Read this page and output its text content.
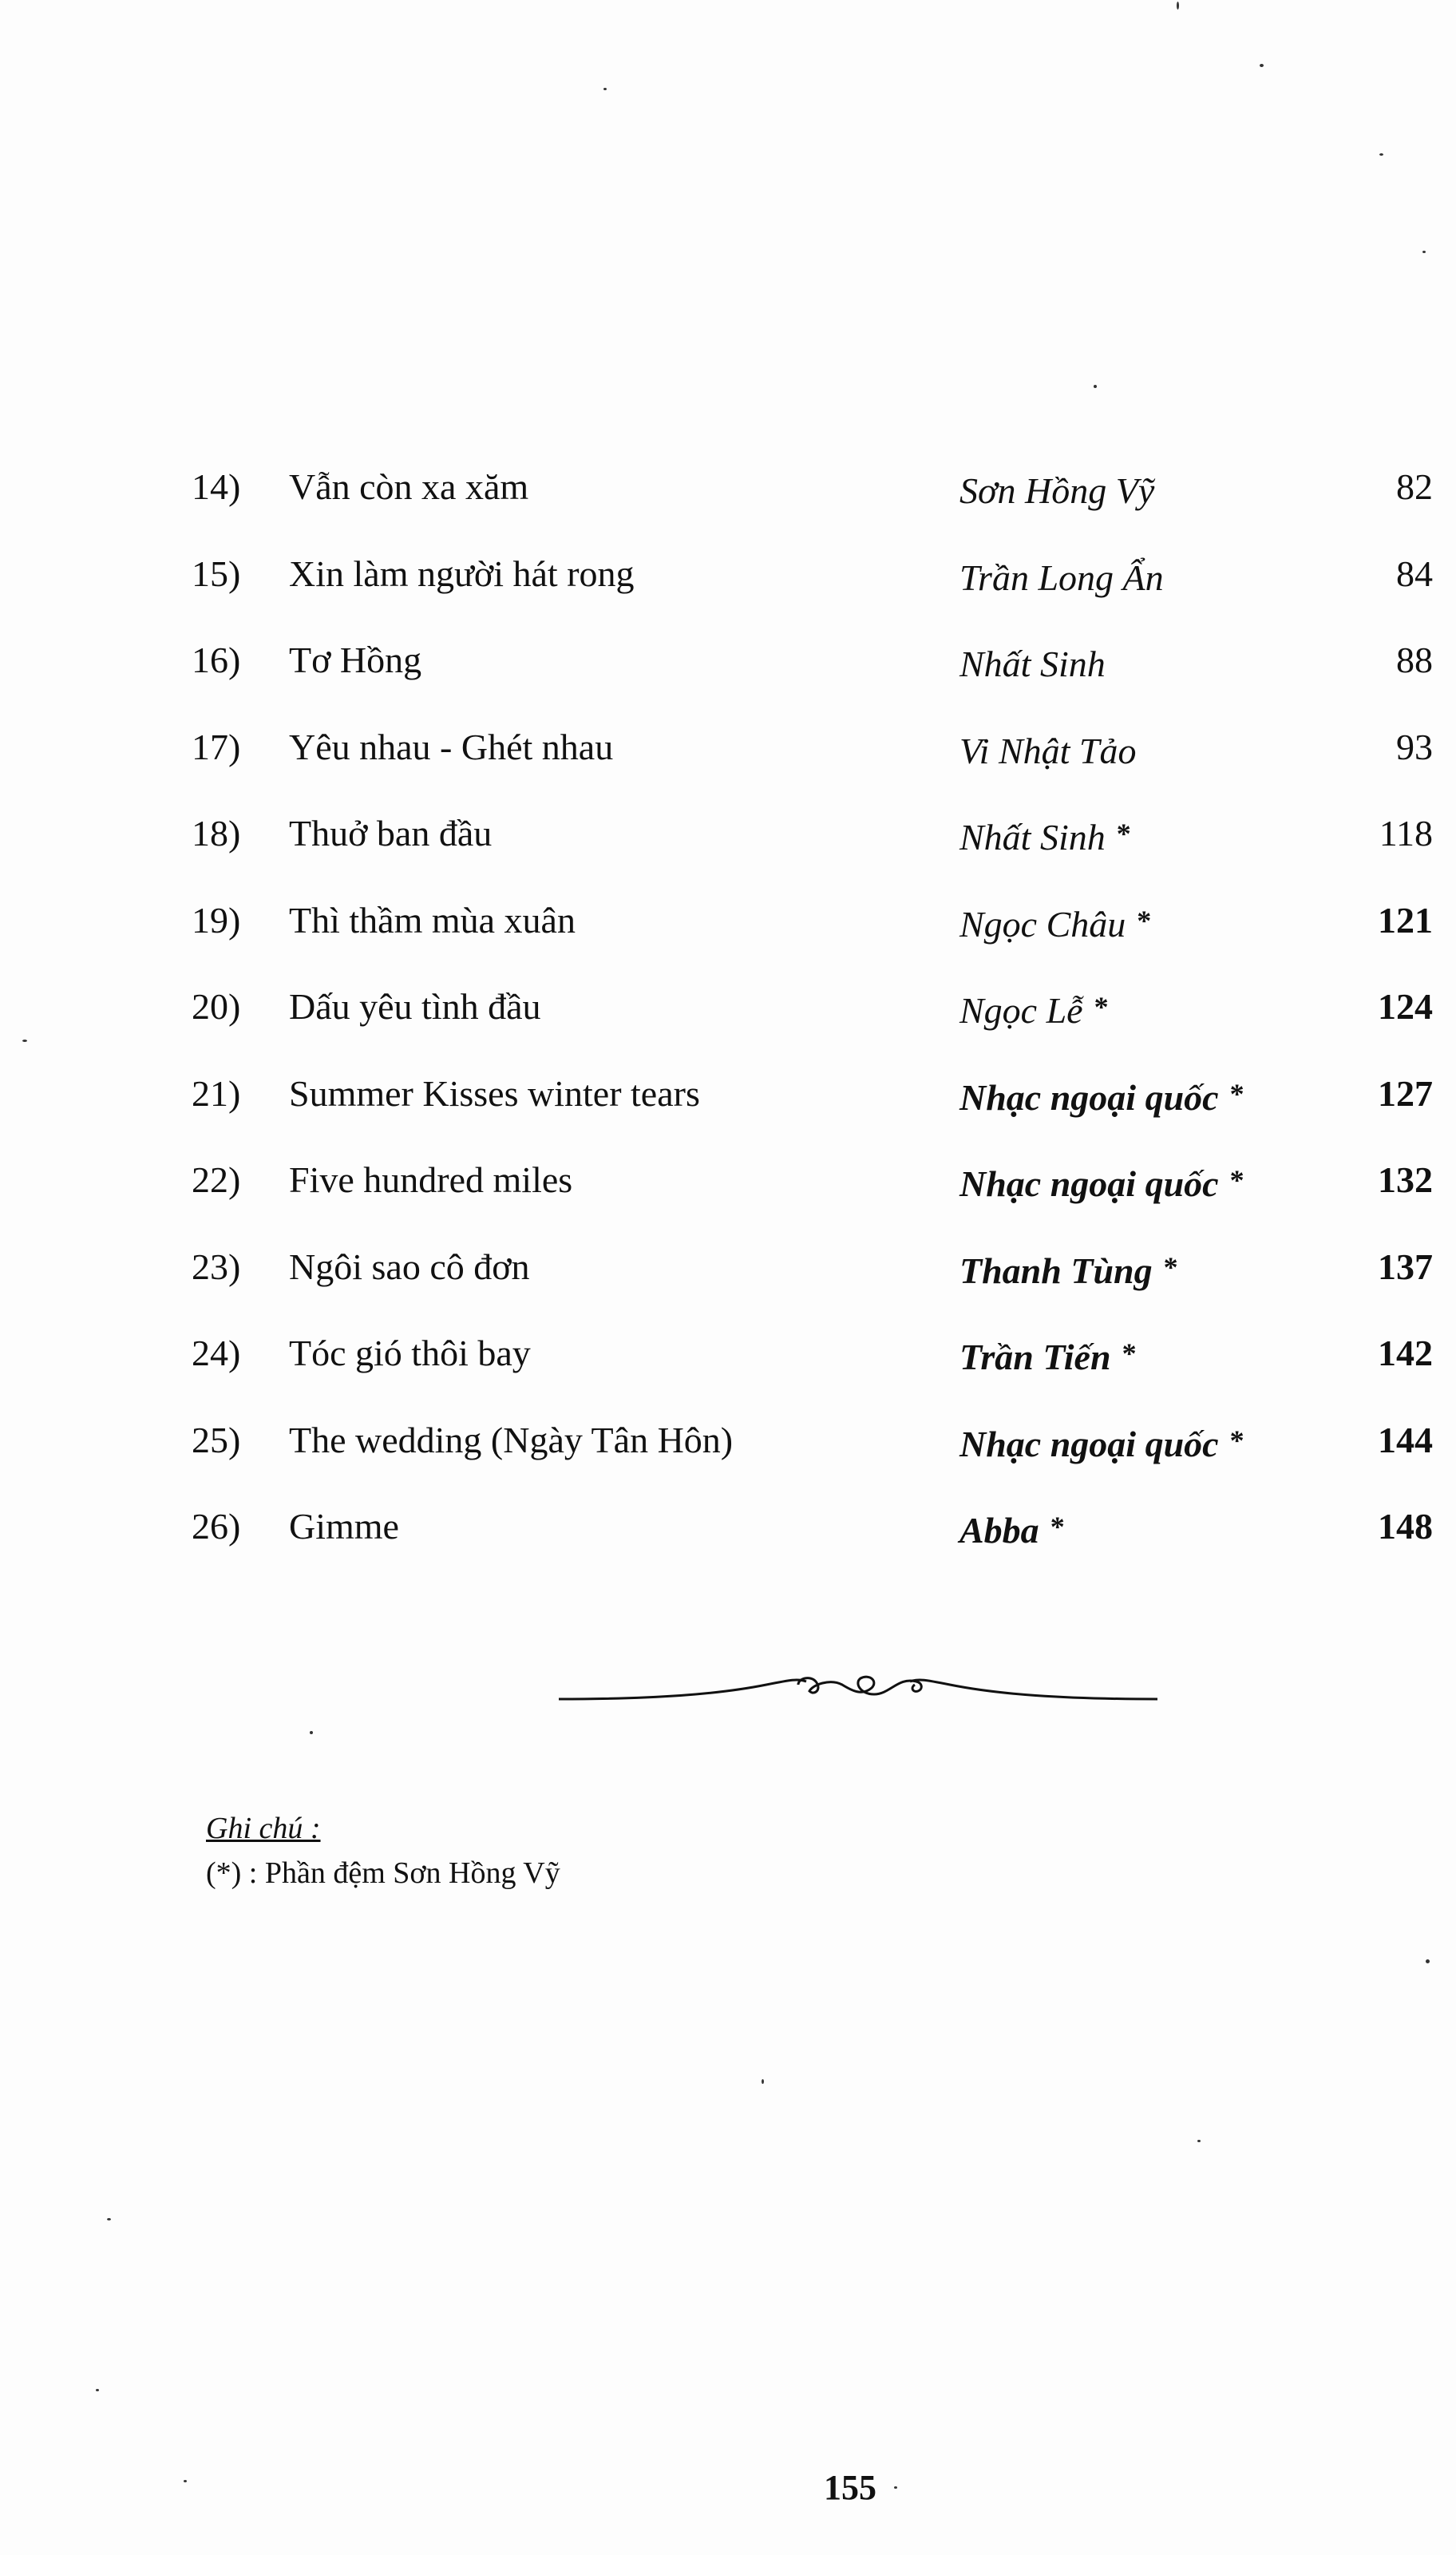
14) Vẫn còn xa xăm	Sơn Hồng Vỹ	82
15) Xin làm người hát rong	Trần Long Ẩn	84
16) Tơ Hồng	Nhất Sinh	88
17) Yêu nhau - Ghét nhau	Vi Nhật Tảo	93
18) Thuở ban đầu	Nhất Sinh *	118
19) Thì thầm mùa xuân	Ngọc Châu *	121
20) Dấu yêu tình đầu	Ngọc Lễ *	124
21) Summer Kisses winter tears	Nhạc ngoại quốc *	127
22) Five hundred miles	Nhạc ngoại quốc *	132
23) Ngôi sao cô đơn	Thanh Tùng *	137
24) Tóc gió thôi bay	Trần Tiến *	142
25) The wedding (Ngày Tân Hôn)	Nhạc ngoại quốc *	144
26) Gimme	Abba *	148
Ghi chú :
(*) : Phần đệm Sơn Hồng Vỹ
155
